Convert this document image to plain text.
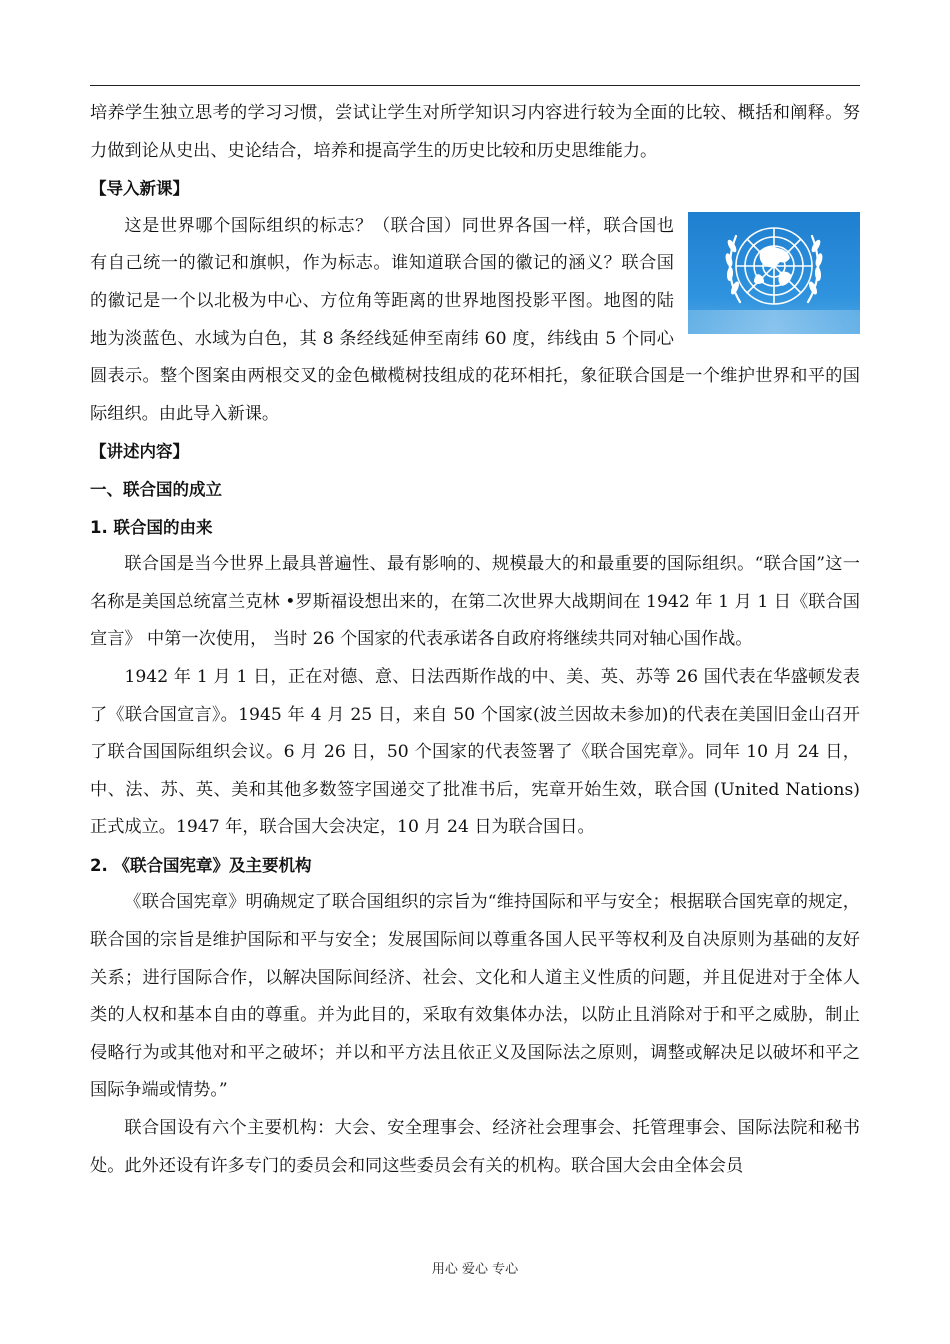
培养学生独立思考的学习习惯，尝试让学生对所学知识习内容进行较为全面的比较、概括和阐释。努力做到论从史出、史论结合，培养和提高学生的历史比较和历史思维能力。

【导入新课】

这是世界哪个国际组织的标志？（联合国）同世界各国一样，联合国也有自己统一的徽记和旗帜，作为标志。谁知道联合国的徽记的涵义？联合国的徽记是一个以北极为中心、方位角等距离的世界地图投影平图。地图的陆地为淡蓝色、水域为白色，其 8 条经线延伸至南纬 60 度，纬线由 5 个同心圆表示。整个图案由两根交叉的金色橄榄树技组成的花环相托，象征联合国是一个维护世界和平的国际组织。由此导入新课。

【讲述内容】

一、联合国的成立

1. 联合国的由来

联合国是当今世界上最具普遍性、最有影响的、规模最大的和最重要的国际组织。“联合国”这一名称是美国总统富兰克林 •罗斯福设想出来的，在第二次世界大战期间在 1942 年 1 月 1 日《联合国宣言》 中第一次使用， 当时 26 个国家的代表承诺各自政府将继续共同对轴心国作战。

1942 年 1 月 1 日，正在对德、意、日法西斯作战的中、美、英、苏等 26 国代表在华盛顿发表了《联合国宣言》。1945 年 4 月 25 日，来自 50 个国家(波兰因故未参加)的代表在美国旧金山召开了联合国国际组织会议。6 月 26 日，50 个国家的代表签署了《联合国宪章》。同年 10 月 24 日，中、法、苏、英、美和其他多数签字国递交了批准书后，宪章开始生效，联合国 (United Nations) 正式成立。1947 年，联合国大会决定，10 月 24 日为联合国日。

2. 《联合国宪章》及主要机构

《联合国宪章》明确规定了联合国组织的宗旨为“维持国际和平与安全；根据联合国宪章的规定，联合国的宗旨是维护国际和平与安全；发展国际间以尊重各国人民平等权利及自决原则为基础的友好关系；进行国际合作，以解决国际间经济、社会、文化和人道主义性质的问题，并且促进对于全体人类的人权和基本自由的尊重。并为此目的，采取有效集体办法，以防止且消除对于和平之威胁，制止侵略行为或其他对和平之破坏；并以和平方法且依正义及国际法之原则，调整或解决足以破坏和平之国际争端或情势。”

联合国设有六个主要机构：大会、安全理事会、经济社会理事会、托管理事会、国际法院和秘书处。此外还设有许多专门的委员会和同这些委员会有关的机构。联合国大会由全体会员

用心 爱心 专心
